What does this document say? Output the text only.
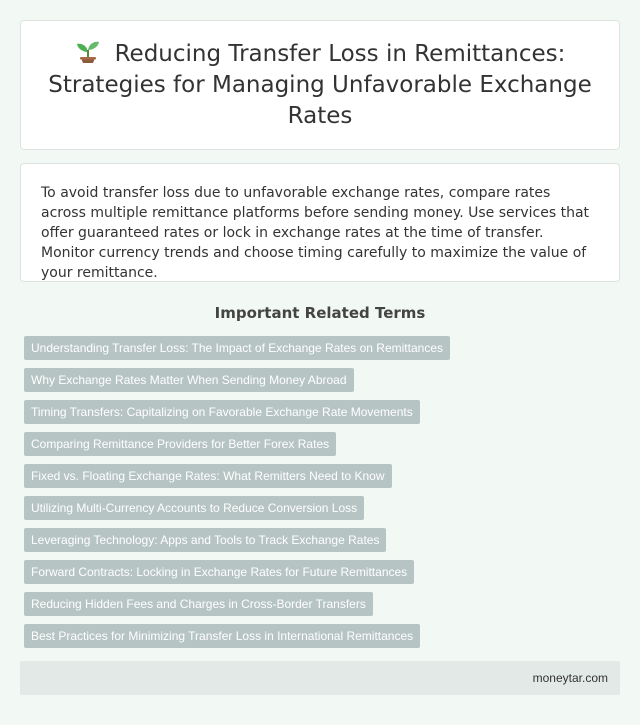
Reducing Transfer Loss in Remittances: Strategies for Managing Unfavorable Exchange Rates

To avoid transfer loss due to unfavorable exchange rates, compare rates across multiple remittance platforms before sending money. Use services that offer guaranteed rates or lock in exchange rates at the time of transfer. Monitor currency trends and choose timing carefully to maximize the value of your remittance.

Important Related Terms
Understanding Transfer Loss: The Impact of Exchange Rates on Remittances
Why Exchange Rates Matter When Sending Money Abroad
Timing Transfers: Capitalizing on Favorable Exchange Rate Movements
Comparing Remittance Providers for Better Forex Rates
Fixed vs. Floating Exchange Rates: What Remitters Need to Know
Utilizing Multi-Currency Accounts to Reduce Conversion Loss
Leveraging Technology: Apps and Tools to Track Exchange Rates
Forward Contracts: Locking in Exchange Rates for Future Remittances
Reducing Hidden Fees and Charges in Cross-Border Transfers
Best Practices for Minimizing Transfer Loss in International Remittances
moneytar.com
